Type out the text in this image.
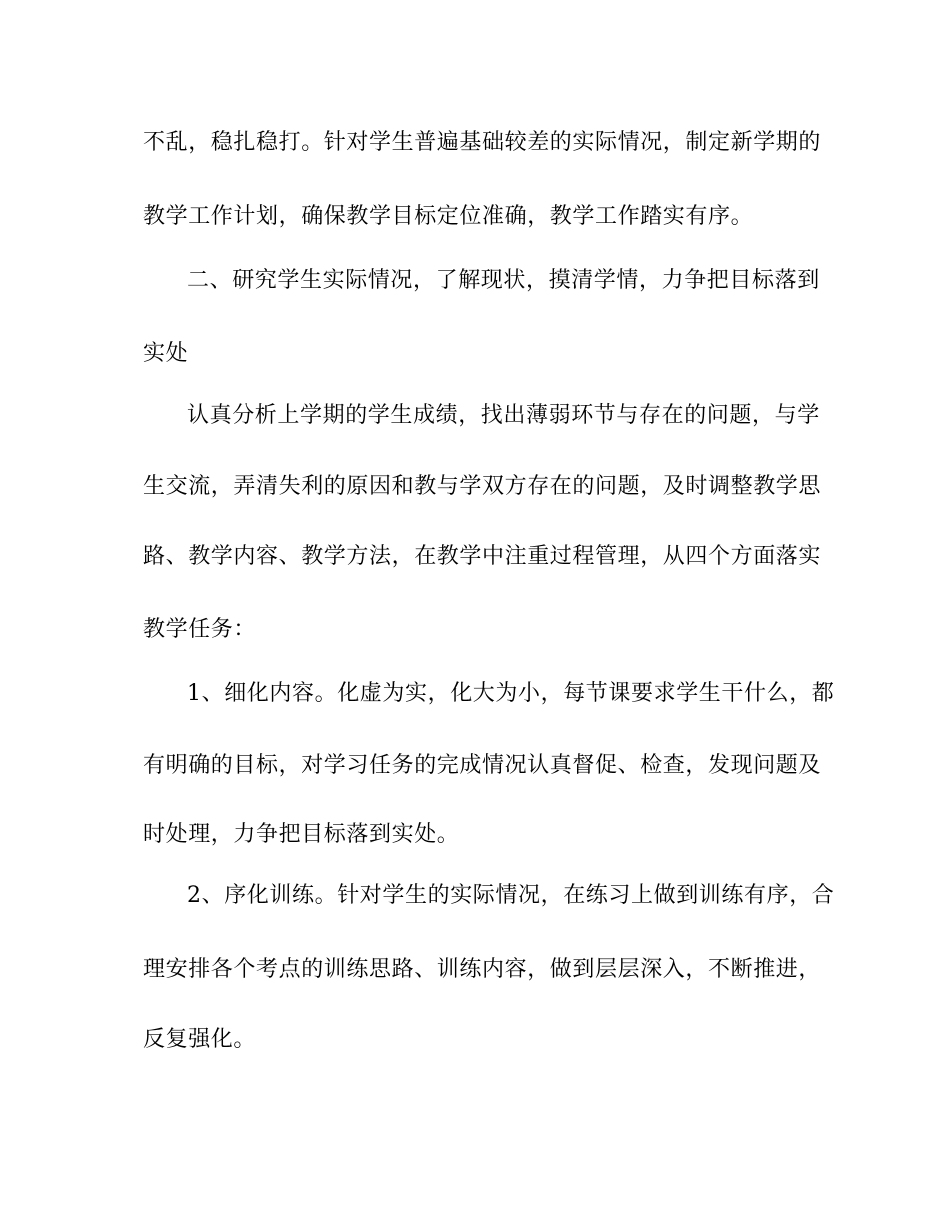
不乱，稳扎稳打。针对学生普遍基础较差的实际情况，制定新学期的
教学工作计划，确保教学目标定位准确，教学工作踏实有序。
二、研究学生实际情况，了解现状，摸清学情，力争把目标落到
实处
认真分析上学期的学生成绩，找出薄弱环节与存在的问题，与学
生交流，弄清失利的原因和教与学双方存在的问题，及时调整教学思
路、教学内容、教学方法，在教学中注重过程管理，从四个方面落实
教学任务：
1、细化内容。化虚为实，化大为小，每节课要求学生干什么，都
有明确的目标，对学习任务的完成情况认真督促、检查，发现问题及
时处理，力争把目标落到实处。
2、序化训练。针对学生的实际情况，在练习上做到训练有序，合
理安排各个考点的训练思路、训练内容，做到层层深入，不断推进，
反复强化。
